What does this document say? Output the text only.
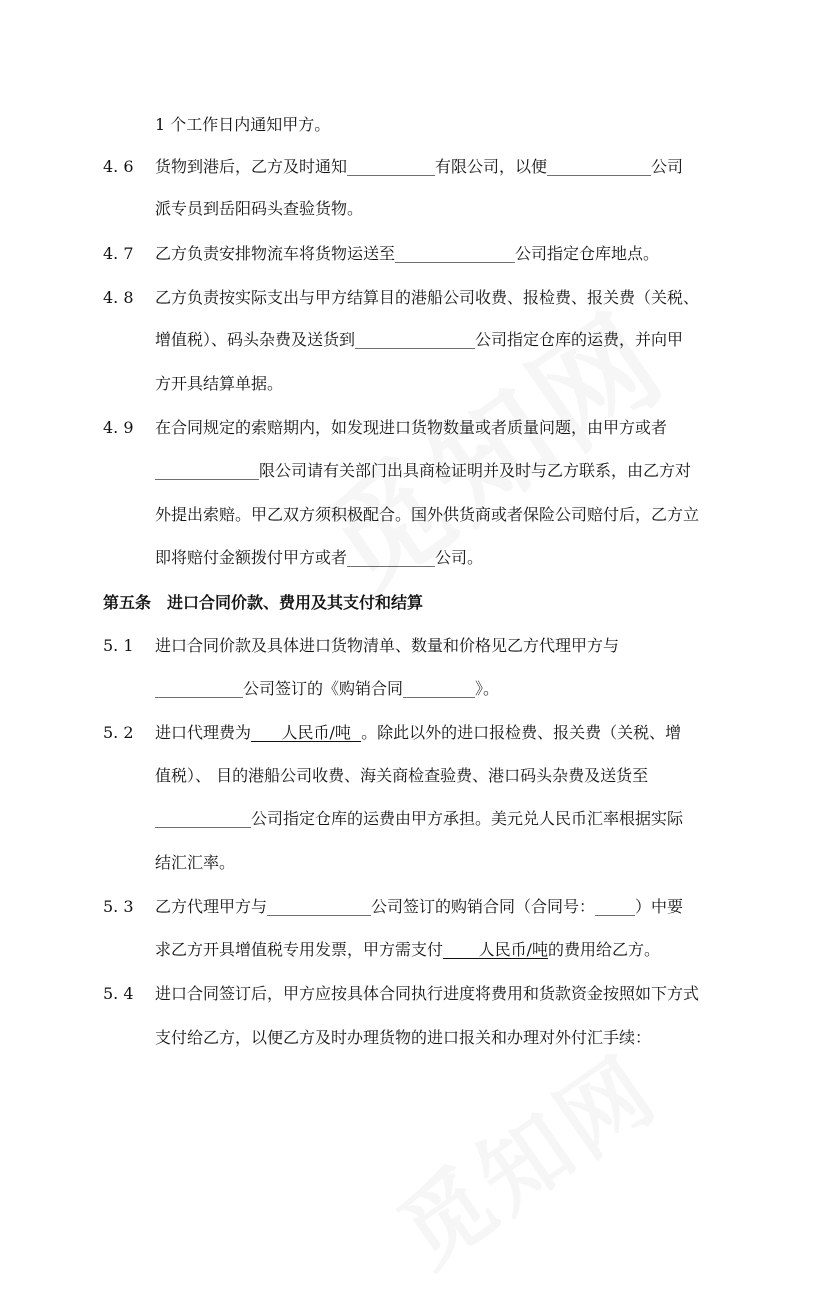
1 个工作日内通知甲方。
4. 6 货物到港后，乙方及时通知___________有限公司，以便_____________公司
派专员到岳阳码头查验货物。
4. 7 乙方负责安排物流车将货物运送至_______________公司指定仓库地点。
4. 8 乙方负责按实际支出与甲方结算目的港船公司收费、报检费、报关费（关税、
增值税）、码头杂费及送货到_______________公司指定仓库的运费，并向甲
方开具结算单据。
4. 9 在合同规定的索赔期内，如发现进口货物数量或者质量问题，由甲方或者
_____________限公司请有关部门出具商检证明并及时与乙方联系，由乙方对
外提出索赔。甲乙双方须积极配合。国外供货商或者保险公司赔付后，乙方立
即将赔付金额拨付甲方或者___________公司。
第五条　进口合同价款、费用及其支付和结算
5. 1 进口合同价款及具体进口货物清单、数量和价格见乙方代理甲方与
___________公司签订的《购销合同_________》。
5. 2 进口代理费为      人民币/吨  。除此以外的进口报检费、报关费（关税、增
值税）、 目的港船公司收费、海关商检查验费、港口码头杂费及送货至
____________公司指定仓库的运费由甲方承担。美元兑人民币汇率根据实际
结汇汇率。
5. 3 乙方代理甲方与_____________公司签订的购销合同（合同号：_____）中要
求乙方开具增值税专用发票，甲方需支付       人民币/吨的费用给乙方。
5. 4 进口合同签订后，甲方应按具体合同执行进度将费用和货款资金按照如下方式
支付给乙方，以便乙方及时办理货物的进口报关和办理对外付汇手续：
